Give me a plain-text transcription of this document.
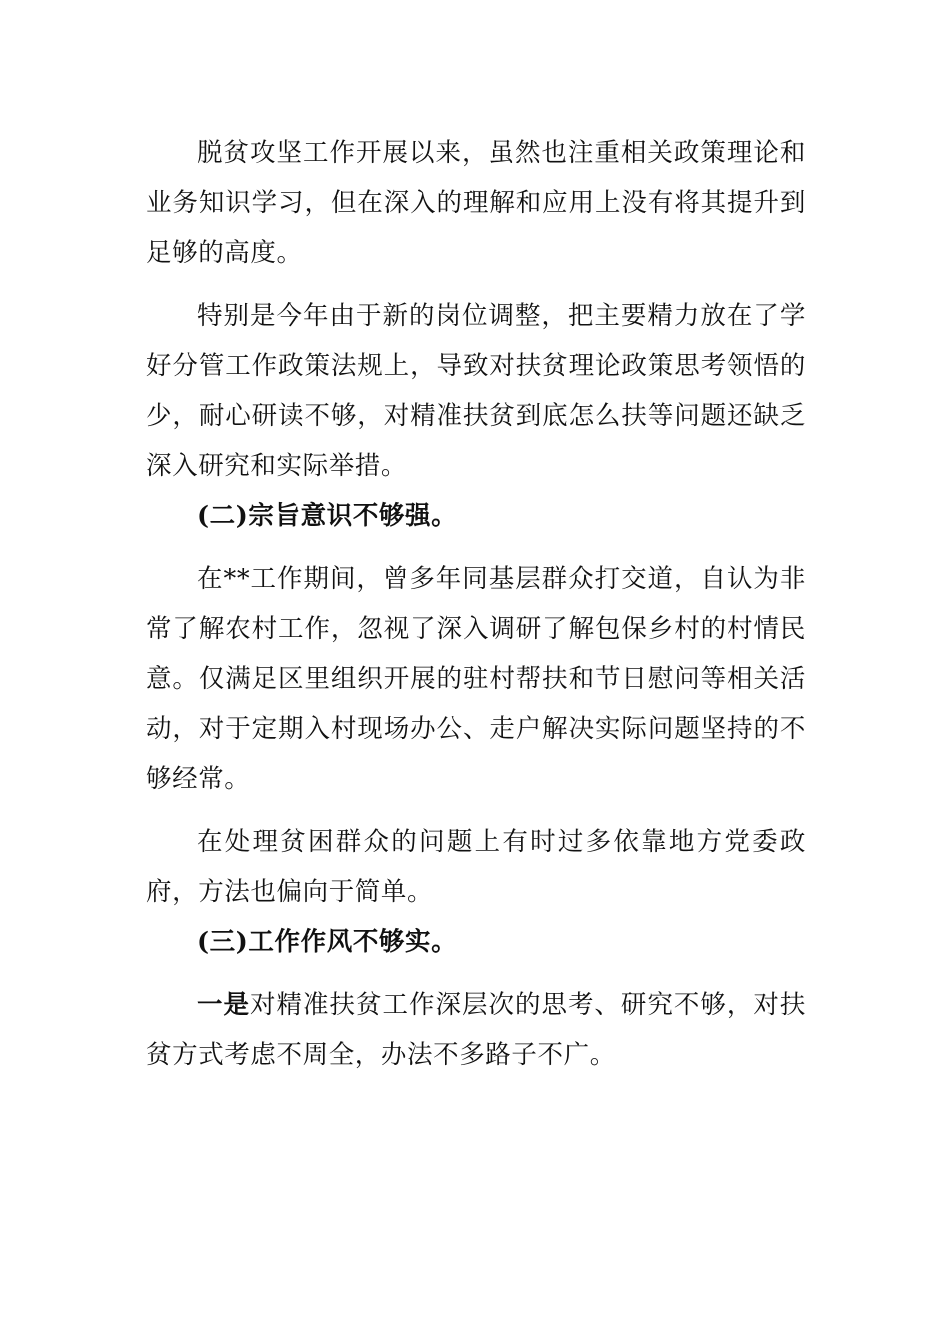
脱贫攻坚工作开展以来，虽然也注重相关政策理论和业务知识学习，但在深入的理解和应用上没有将其提升到足够的高度。

特别是今年由于新的岗位调整，把主要精力放在了学好分管工作政策法规上，导致对扶贫理论政策思考领悟的少，耐心研读不够，对精准扶贫到底怎么扶等问题还缺乏深入研究和实际举措。

(二)宗旨意识不够强。

在**工作期间，曾多年同基层群众打交道，自认为非常了解农村工作，忽视了深入调研了解包保乡村的村情民意。仅满足区里组织开展的驻村帮扶和节日慰问等相关活动，对于定期入村现场办公、走户解决实际问题坚持的不够经常。

在处理贫困群众的问题上有时过多依靠地方党委政府，方法也偏向于简单。

(三)工作作风不够实。

一是对精准扶贫工作深层次的思考、研究不够，对扶贫方式考虑不周全，办法不多路子不广。
